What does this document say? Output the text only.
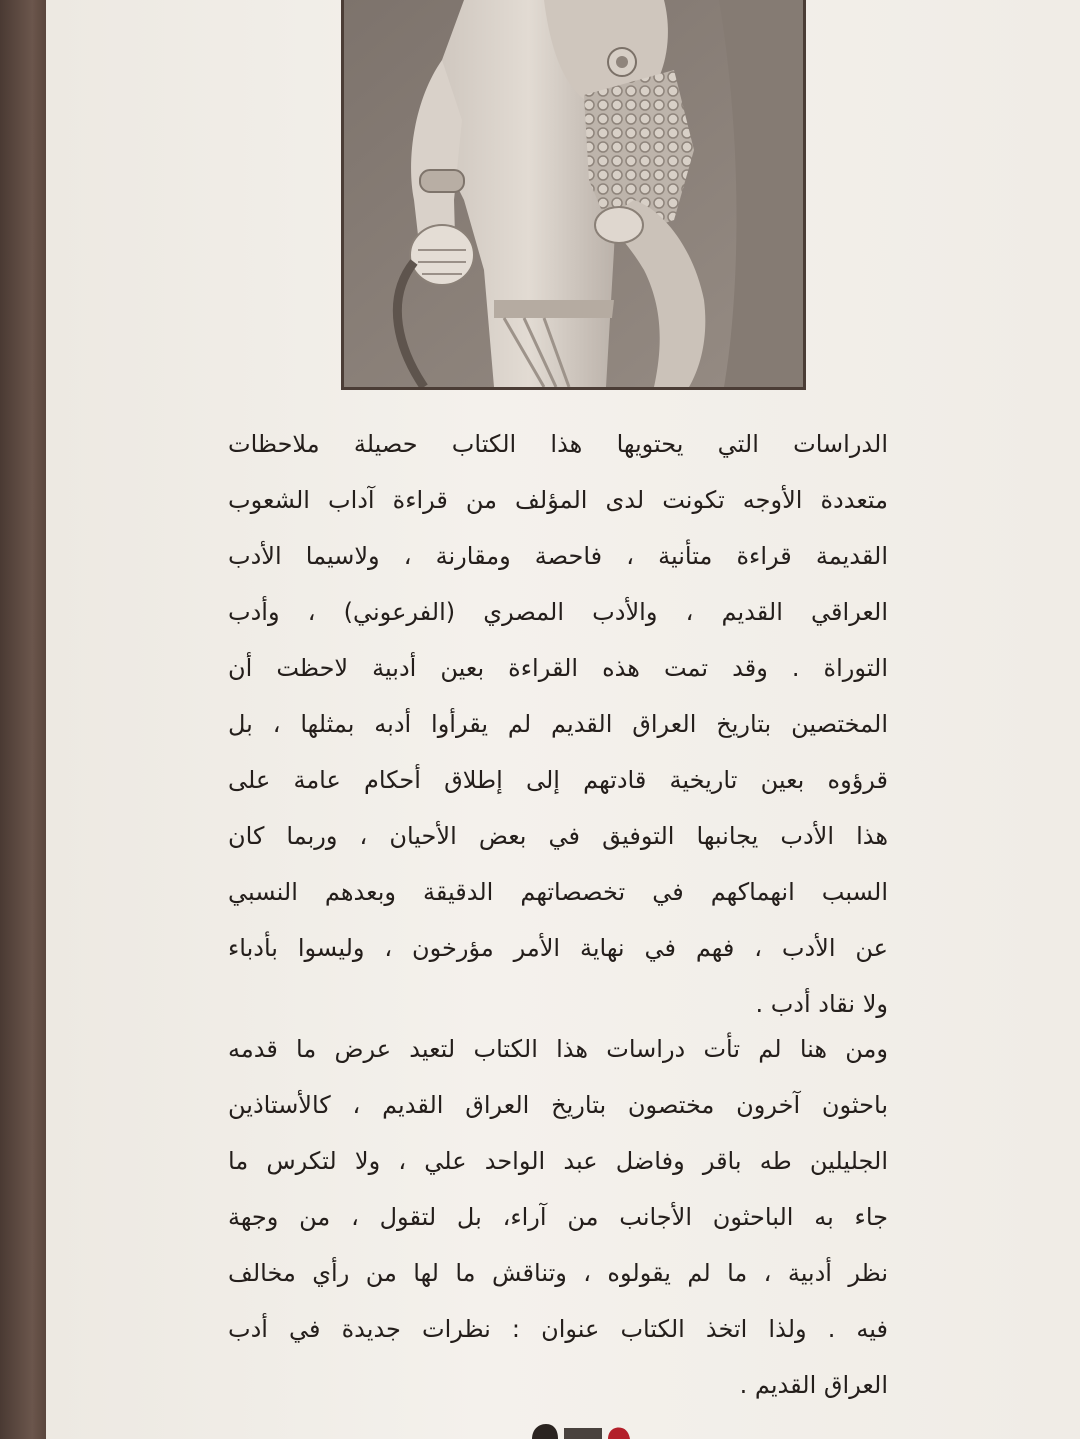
الدراسات التي يحتويها هذا الكتاب حصيلة ملاحظات
متعددة الأوجه تكونت لدى المؤلف من قراءة آداب الشعوب
القديمة قراءة متأنية ، فاحصة ومقارنة ، ولاسيما الأدب
العراقي القديم ، والأدب المصري (الفرعوني) ، وأدب
التوراة . وقد تمت هذه القراءة بعين أدبية لاحظت أن
المختصين بتاريخ العراق القديم لم يقرأوا أدبه بمثلها ، بل
قرؤوه بعين تاريخية قادتهم إلى إطلاق أحكام عامة على
هذا الأدب يجانبها التوفيق في بعض الأحيان ، وربما كان
السبب انهماكهم في تخصصاتهم الدقيقة وبعدهم النسبي
عن الأدب ، فهم في نهاية الأمر مؤرخون ، وليسوا بأدباء
ولا نقاد أدب .
ومن هنا لم تأت دراسات هذا الكتاب لتعيد عرض ما قدمه
باحثون آخرون مختصون بتاريخ العراق القديم ، كالأستاذين
الجليلين طه باقر وفاضل عبد الواحد علي ، ولا لتكرس ما
جاء به الباحثون الأجانب من آراء، بل لتقول ، من وجهة
نظر أدبية ، ما لم يقولوه ، وتناقش ما لها من رأي مخالف
فيه . ولذا اتخذ الكتاب عنوان : نظرات جديدة في أدب
العراق القديم .
